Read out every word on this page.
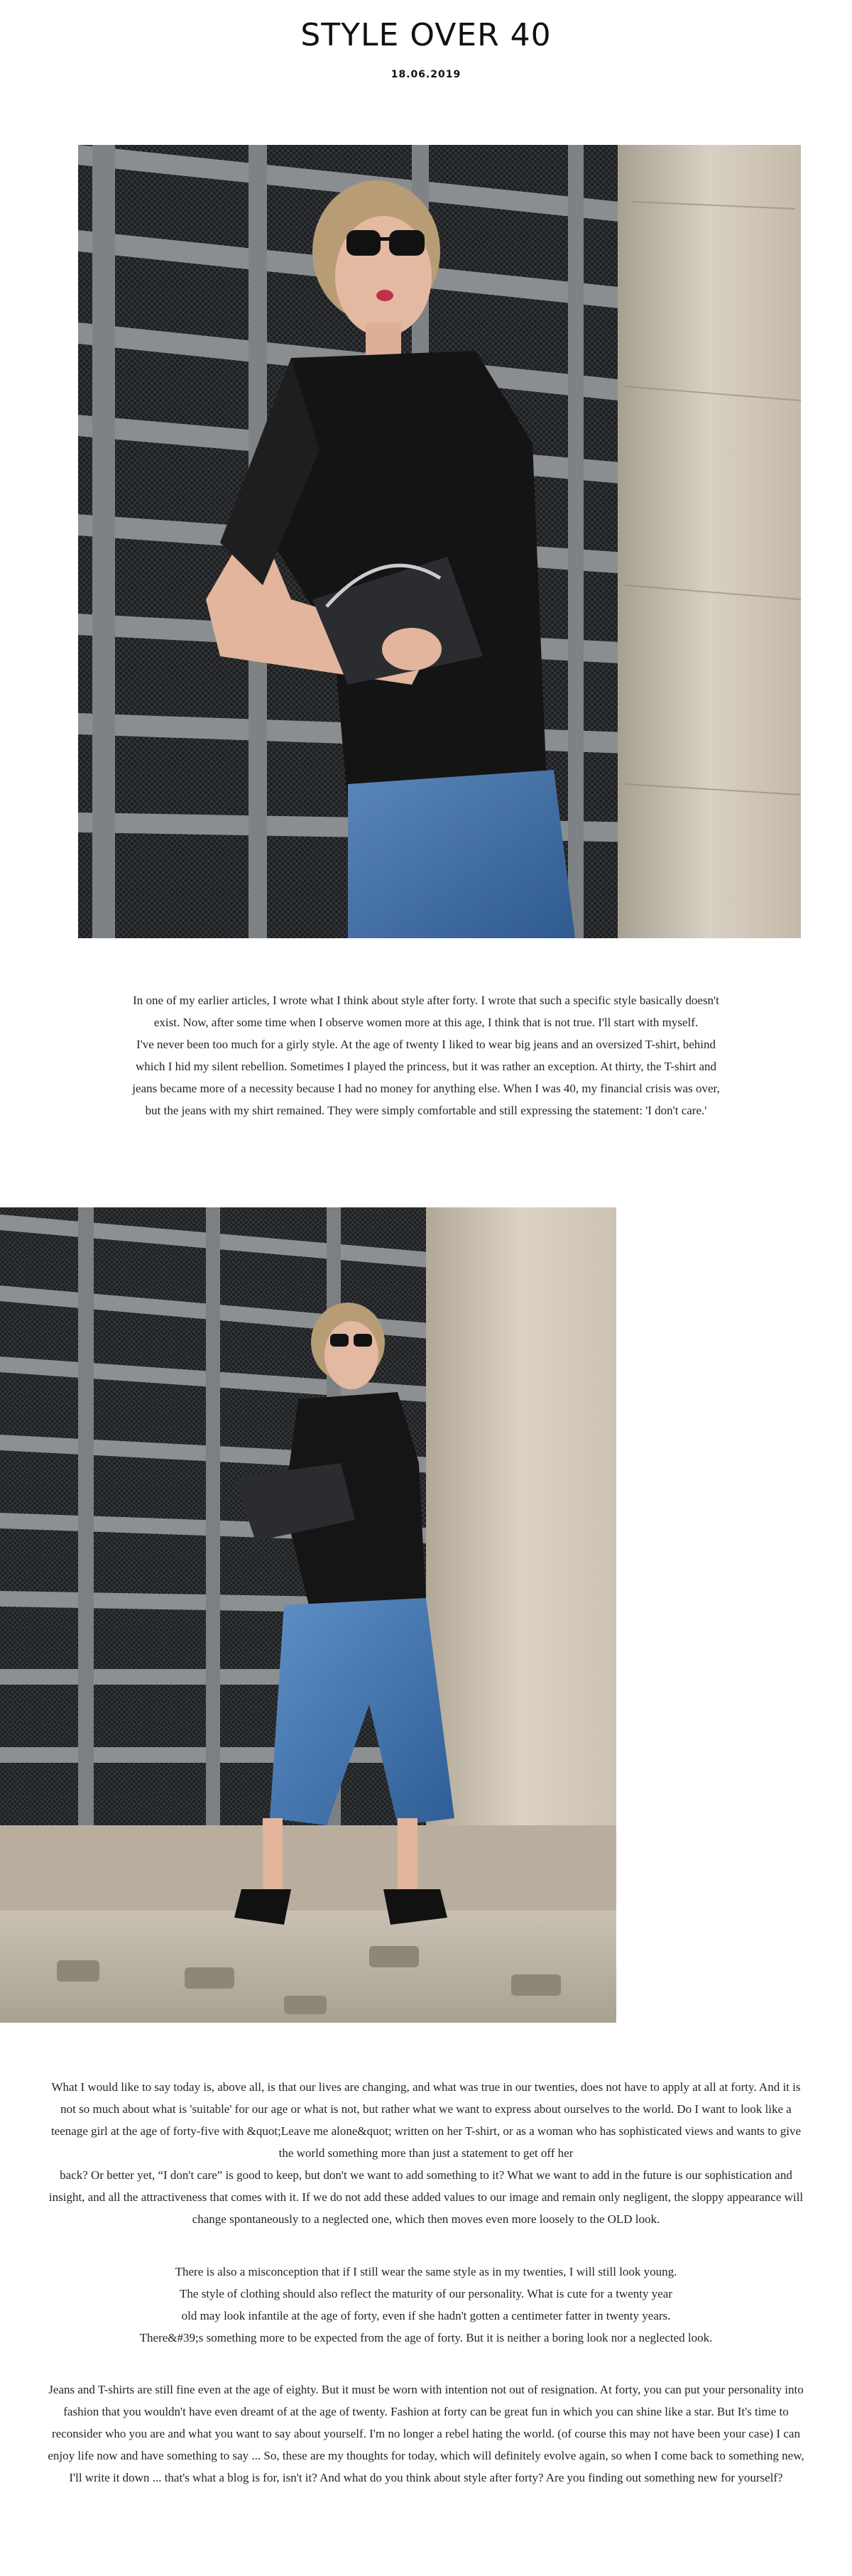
STYLE OVER 40
18.06.2019

In one of my earlier articles, I wrote what I think about style after forty. I wrote that such a specific style basically doesn't exist. Now, after some time when I observe women more at this age, I think that is not true. I'll start with myself.

I've never been too much for a girly style. At the age of twenty I liked to wear big jeans and an oversized T-shirt, behind which I hid my silent rebellion. Sometimes I played the princess, but it was rather an exception. At thirty, the T-shirt and jeans became more of a necessity because I had no money for anything else. When I was 40, my financial crisis was over, but the jeans with my shirt remained. They were simply comfortable and still expressing the statement: 'I don't care.'

What I would like to say today is, above all, is that our lives are changing, and what was true in our twenties, does not have to apply at all at forty. And it is not so much about what is 'suitable' for our age or what is not, but rather what we want to express about ourselves to the world. Do I want to look like a teenage girl at the age of forty-five with &quot;Leave me alone&quot; written on her T-shirt, or as a woman who has sophisticated views and wants to give the world something more than just a statement to get off her

back? Or better yet, “I don't care” is good to keep, but don't we want to add something to it? What we want to add in the future is our sophistication and insight, and all the attractiveness that comes with it. If we do not add these added values to our image and remain only negligent, the sloppy appearance will change spontaneously to a neglected one, which then moves even more loosely to the OLD look.

There is also a misconception that if I still wear the same style as in my twenties, I will still look young.

The style of clothing should also reflect the maturity of our personality. What is cute for a twenty year

old may look infantile at the age of forty, even if she hadn't gotten a centimeter fatter in twenty years.

There&#39;s something more to be expected from the age of forty. But it is neither a boring look nor a neglected look.

Jeans and T-shirts are still fine even at the age of eighty. But it must be worn with intention not out of resignation. At forty, you can put your personality into fashion that you wouldn't have even dreamt of at the age of twenty. Fashion at forty can be great fun in which you can shine like a star. But It's time to reconsider who you are and what you want to say about yourself. I'm no longer a rebel hating the world. (of course this may not have been your case) I can enjoy life now and have something to say ... So, these are my thoughts for today, which will definitely evolve again, so when I come back to something new, I'll write it down ... that's what a blog is for, isn't it? And what do you think about style after forty? Are you finding out something new for yourself?
